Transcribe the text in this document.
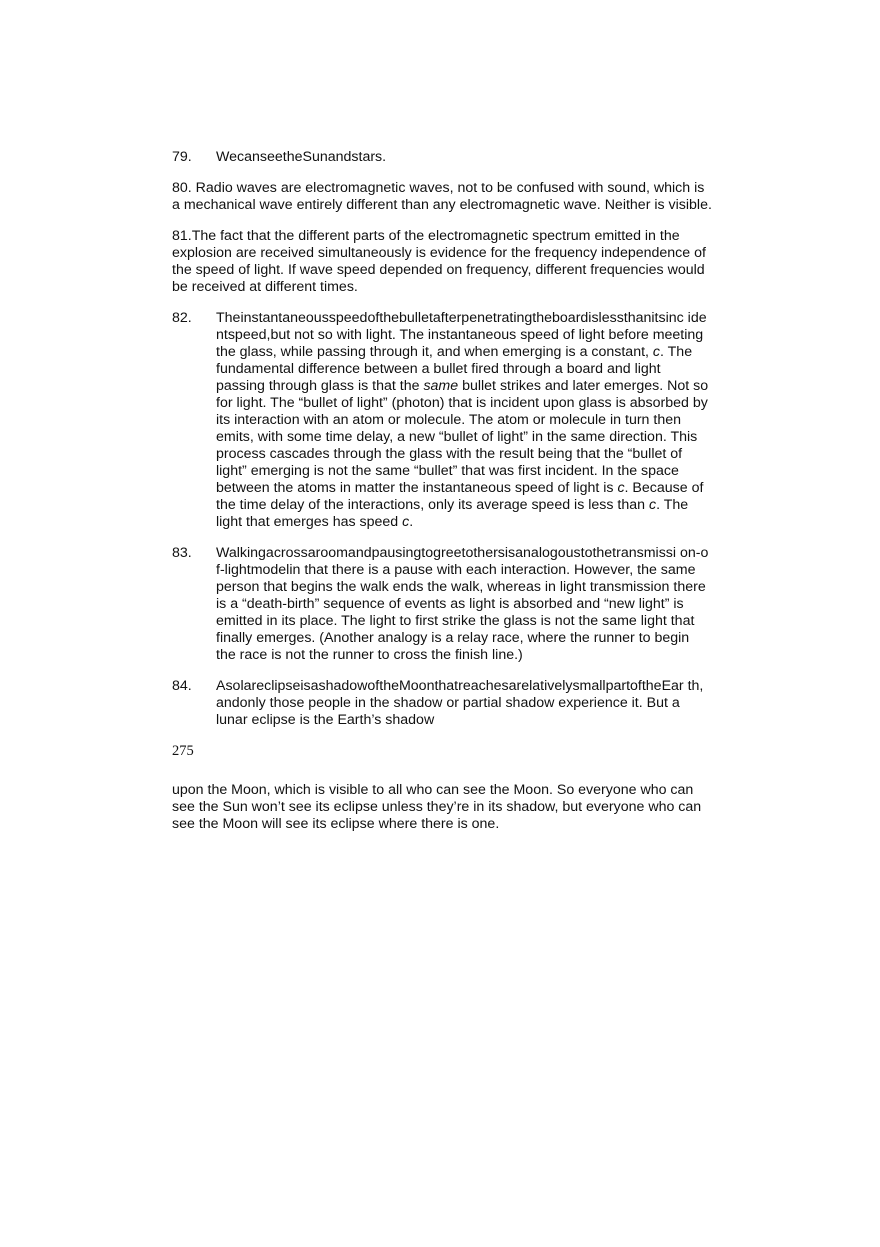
79.	WecanseetheSunandstars.

80. Radio waves are electromagnetic waves, not to be confused with sound, which is a mechanical wave entirely different than any electromagnetic wave. Neither is visible.

81.The fact that the different parts of the electromagnetic spectrum emitted in the explosion are received simultaneously is evidence for the frequency independence of the speed of light. If wave speed depended on frequency, different frequencies would be received at different times.

82.	Theinstantaneousspeedofthebulletafterpenetratingtheboardislessthanitsinc identspeed,but not so with light. The instantaneous speed of light before meeting the glass, while passing through it, and when emerging is a constant, c. The fundamental difference between a bullet fired through a board and light passing through glass is that the same bullet strikes and later emerges. Not so for light. The “bullet of light” (photon) that is incident upon glass is absorbed by its interaction with an atom or molecule. The atom or molecule in turn then emits, with some time delay, a new “bullet of light” in the same direction. This process cascades through the glass with the result being that the “bullet of light” emerging is not the same “bullet” that was first incident. In the space between the atoms in matter the instantaneous speed of light is c. Because of the time delay of the interactions, only its average speed is less than c. The light that emerges has speed c.
83.	Walkingacrossaroomandpausingtogreetothersisanalogoustothetransmissi on-of-lightmodelin that there is a pause with each interaction. However, the same person that begins the walk ends the walk, whereas in light transmission there is a “death-birth” sequence of events as light is absorbed and “new light” is emitted in its place. The light to first strike the glass is not the same light that finally emerges. (Another analogy is a relay race, where the runner to begin the race is not the runner to cross the finish line.)
84.	AsolareclipseisashadowoftheMoonthatreachesarelativelysmallpartoftheEar th,andonly those people in the shadow or partial shadow experience it. But a lunar eclipse is the Earth’s shadow
275

upon the Moon, which is visible to all who can see the Moon. So everyone who can see the Sun won’t see its eclipse unless they’re in its shadow, but everyone who can see the Moon will see its eclipse where there is one.
